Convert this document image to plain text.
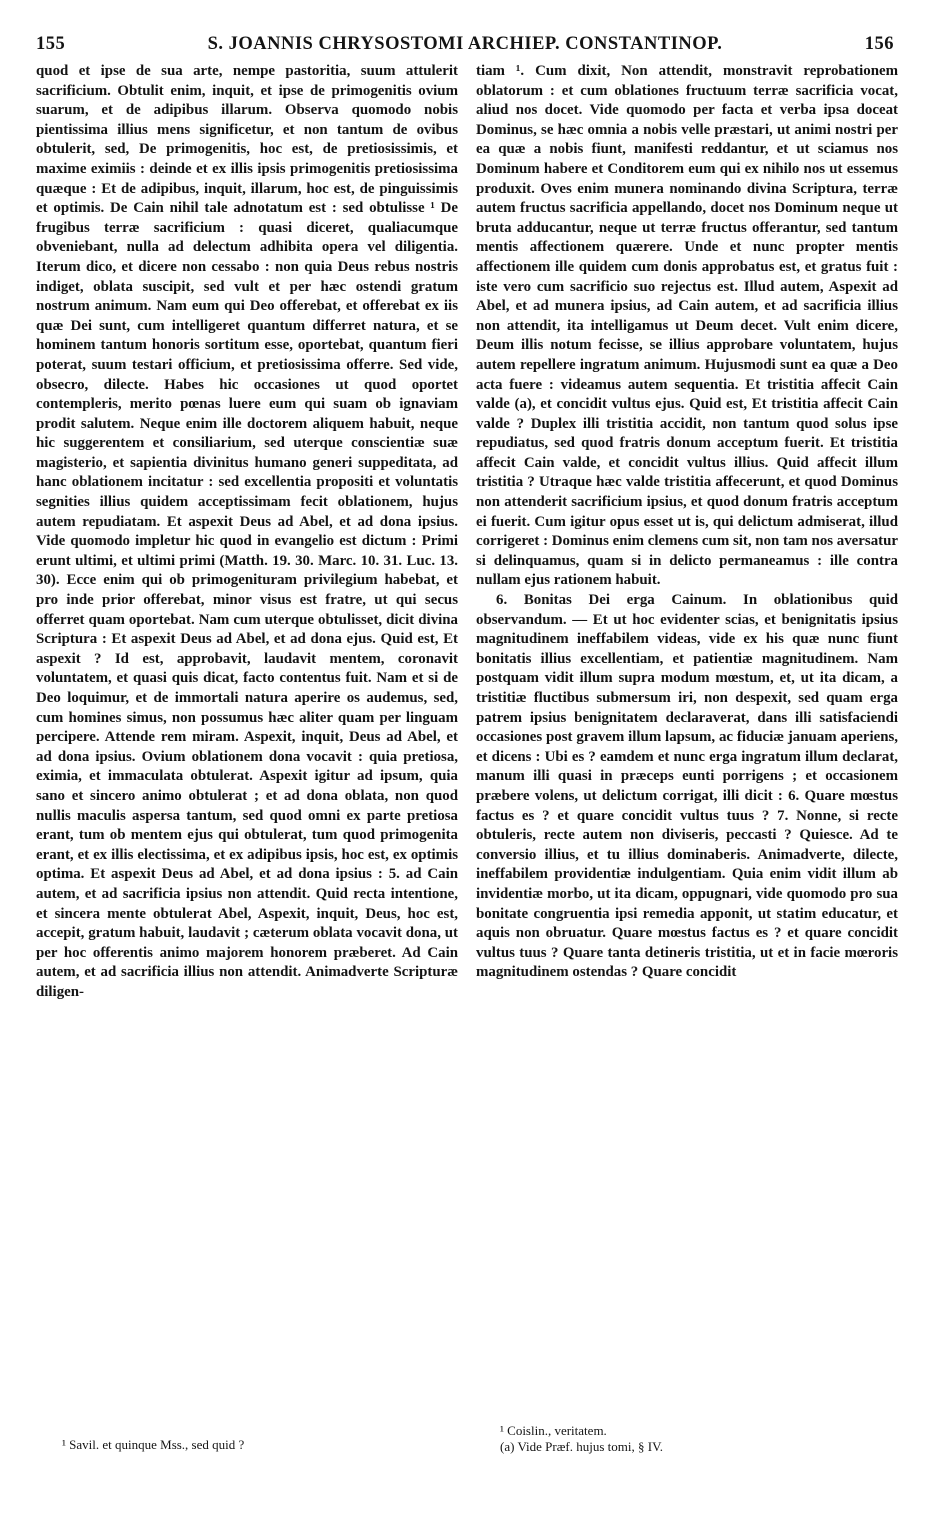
155	S. JOANNIS CHRYSOSTOMI ARCHIEP. CONSTANTINOP.	156

quod et ipse de sua arte, nempe pastoritia, suum attulerit sacrificium. Obtulit enim, inquit, et ipse de primogenitis ovium suarum, et de adipibus illarum. Observa quomodo nobis pientissima illius mens significetur, et non tantum de ovibus obtulerit, sed, De primogenitis, hoc est, de pretiosissimis, et maxime eximiis : deinde et ex illis ipsis primogenitis pretiosissima quæque : Et de adipibus, inquit, illarum, hoc est, de pinguissimis et optimis. De Cain nihil tale adnotatum est : sed obtulisse ¹ De frugibus terræ sacrificium : quasi diceret, qualiacumque obveniebant, nulla ad delectum adhibita opera vel diligentia. Iterum dico, et dicere non cessabo : non quia Deus rebus nostris indiget, oblata suscipit, sed vult et per hæc ostendi gratum nostrum animum. Nam eum qui Deo offerebat, et offerebat ex iis quæ Dei sunt, cum intelligeret quantum differret natura, et se hominem tantum honoris sortitum esse, oportebat, quantum fieri poterat, suum testari officium, et pretiosissima offerre. Sed vide, obsecro, dilecte. Habes hic occasiones ut quod oportet contempleris, merito pœnas luere eum qui suam ob ignaviam prodit salutem. Neque enim ille doctorem aliquem habuit, neque hic suggerentem et consiliarium, sed uterque conscientiæ suæ magisterio, et sapientia divinitus humano generi suppeditata, ad hanc oblationem incitatur : sed excellentia propositi et voluntatis segnities illius quidem acceptissimam fecit oblationem, hujus autem repudiatam. Et aspexit Deus ad Abel, et ad dona ipsius. Vide quomodo impletur hic quod in evangelio est dictum : Primi erunt ultimi, et ultimi primi (Matth. 19. 30. Marc. 10. 31. Luc. 13. 30). Ecce enim qui ob primogenituram privilegium habebat, et pro inde prior offerebat, minor visus est fratre, ut qui secus offerret quam oportebat. Nam cum uterque obtulisset, dicit divina Scriptura : Et aspexit Deus ad Abel, et ad dona ejus. Quid est, Et aspexit ? Id est, approbavit, laudavit mentem, coronavit voluntatem, et quasi quis dicat, facto contentus fuit. Nam et si de Deo loquimur, et de immortali natura aperire os audemus, sed, cum homines simus, non possumus hæc aliter quam per linguam percipere. Attende rem miram. Aspexit, inquit, Deus ad Abel, et ad dona ipsius. Ovium oblationem dona vocavit : quia pretiosa, eximia, et immaculata obtulerat. Aspexit igitur ad ipsum, quia sano et sincero animo obtulerat ; et ad dona oblata, non quod nullis maculis aspersa tantum, sed quod omni ex parte pretiosa erant, tum ob mentem ejus qui obtulerat, tum quod primogenita erant, et ex illis electissima, et ex adipibus ipsis, hoc est, ex optimis optima. Et aspexit Deus ad Abel, et ad dona ipsius : 5. ad Cain autem, et ad sacrificia ipsius non attendit. Quid recta intentione, et sincera mente obtulerat Abel, Aspexit, inquit, Deus, hoc est, accepit, gratum habuit, laudavit ; cæterum oblata vocavit dona, ut per hoc offerentis animo majorem honorem præberet. Ad Cain autem, et ad sacrificia illius non attendit. Animadverte Scripturæ diligen-

tiam ¹. Cum dixit, Non attendit, monstravit reprobationem oblatorum : et cum oblationes fructuum terræ sacrificia vocat, aliud nos docet. Vide quomodo per facta et verba ipsa doceat Dominus, se hæc omnia a nobis velle præstari, ut animi nostri per ea quæ a nobis fiunt, manifesti reddantur, et ut sciamus nos Dominum habere et Conditorem eum qui ex nihilo nos ut essemus produxit. Oves enim munera nominando divina Scriptura, terræ autem fructus sacrificia appellando, docet nos Dominum neque ut bruta adducantur, neque ut terræ fructus offerantur, sed tantum mentis affectionem quærere. Unde et nunc propter mentis affectionem ille quidem cum donis approbatus est, et gratus fuit : iste vero cum sacrificio suo rejectus est. Illud autem, Aspexit ad Abel, et ad munera ipsius, ad Cain autem, et ad sacrificia illius non attendit, ita intelligamus ut Deum decet. Vult enim dicere, Deum illis notum fecisse, se illius approbare voluntatem, hujus autem repellere ingratum animum. Hujusmodi sunt ea quæ a Deo acta fuere : videamus autem sequentia. Et tristitia affecit Cain valde (a), et concidit vultus ejus. Quid est, Et tristitia affecit Cain valde ? Duplex illi tristitia accidit, non tantum quod solus ipse repudiatus, sed quod fratris donum acceptum fuerit. Et tristitia affecit Cain valde, et concidit vultus illius. Quid affecit illum tristitia ? Utraque hæc valde tristitia affecerunt, et quod Dominus non attenderit sacrificium ipsius, et quod donum fratris acceptum ei fuerit. Cum igitur opus esset ut is, qui delictum admiserat, illud corrigeret : Dominus enim clemens cum sit, non tam nos aversatur si delinquamus, quam si in delicto permaneamus : ille contra nullam ejus rationem habuit.

6. Bonitas Dei erga Cainum. In oblationibus quid observandum. — Et ut hoc evidenter scias, et benignitatis ipsius magnitudinem ineffabilem videas, vide ex his quæ nunc fiunt bonitatis illius excellentiam, et patientiæ magnitudinem. Nam postquam vidit illum supra modum mœstum, et, ut ita dicam, a tristitiæ fluctibus submersum iri, non despexit, sed quam erga patrem ipsius benignitatem declaraverat, dans illi satisfaciendi occasiones post gravem illum lapsum, ac fiduciæ januam aperiens, et dicens : Ubi es ? eamdem et nunc erga ingratum illum declarat, manum illi quasi in præceps eunti porrigens ; et occasionem præbere volens, ut delictum corrigat, illi dicit : 6. Quare mœstus factus es ? et quare concidit vultus tuus ? 7. Nonne, si recte obtuleris, recte autem non diviseris, peccasti ? Quiesce. Ad te conversio illius, et tu illius dominaberis. Animadverte, dilecte, ineffabilem providentiæ indulgentiam. Quia enim vidit illum ab invidentiæ morbo, ut ita dicam, oppugnari, vide quomodo pro sua bonitate congruentia ipsi remedia apponit, ut statim educatur, et aquis non obruatur. Quare mœstus factus es ? et quare concidit vultus tuus ? Quare tanta detineris tristitia, ut et in facie mœroris magnitudinem ostendas ? Quare concidit

¹ Savil. et quinque Mss., sed quid ?
¹ Coislin., veritatem.
(a) Vide Præf. hujus tomi, § IV.
